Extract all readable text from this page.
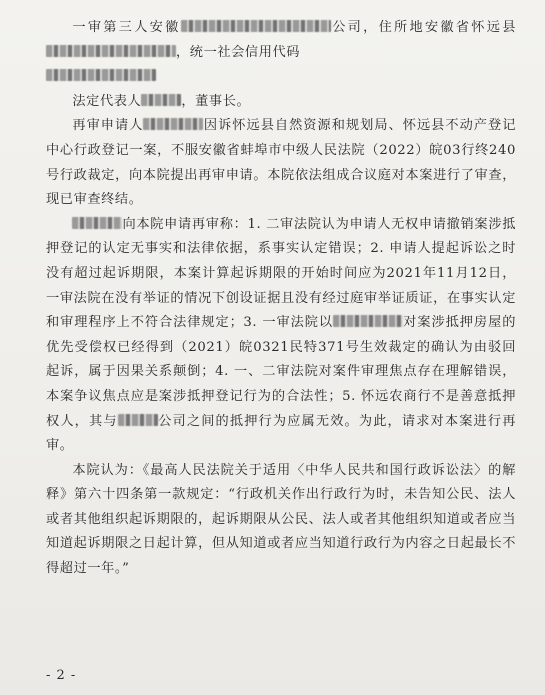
一审第三人安徽	公司，住所地安徽省怀远县，统一社会信用代码

法定代表人	，董事长。

再审申请人	因诉怀远县自然资源和规划局、怀远县不动产登记中心行政登记一案，不服安徽省蚌埠市中级人民法院（2022）皖03行终240号行政裁定，向本院提出再审申请。本院依法组成合议庭对本案进行了审查，现已审查终结。

向本院申请再审称：1. 二审法院认为申请人无权申请撤销案涉抵押登记的认定无事实和法律依据，系事实认定错误；2. 申请人提起诉讼之时没有超过起诉期限，本案计算起诉期限的开始时间应为2021年11月12日，一审法院在没有举证的情况下创设证据且没有经过庭审举证质证，在事实认定和审理程序上不符合法律规定；3. 一审法院以	对案涉抵押房屋的优先受偿权已经得到（2021）皖0321民特371号生效裁定的确认为由驳回起诉，属于因果关系颠倒；4. 一、二审法院对案件审理焦点存在理解错误，本案争议焦点应是案涉抵押登记行为的合法性；5. 怀远农商行不是善意抵押权人，其与	公司之间的抵押行为应属无效。为此，请求对本案进行再审。

本院认为：《最高人民法院关于适用〈中华人民共和国行政诉讼法〉的解释》第六十四条第一款规定：“行政机关作出行政行为时，未告知公民、法人或者其他组织起诉期限的，起诉期限从公民、法人或者其他组织知道或者应当知道起诉期限之日起计算，但从知道或者应当知道行政行为内容之日起最长不得超过一年。”

- 2 -
